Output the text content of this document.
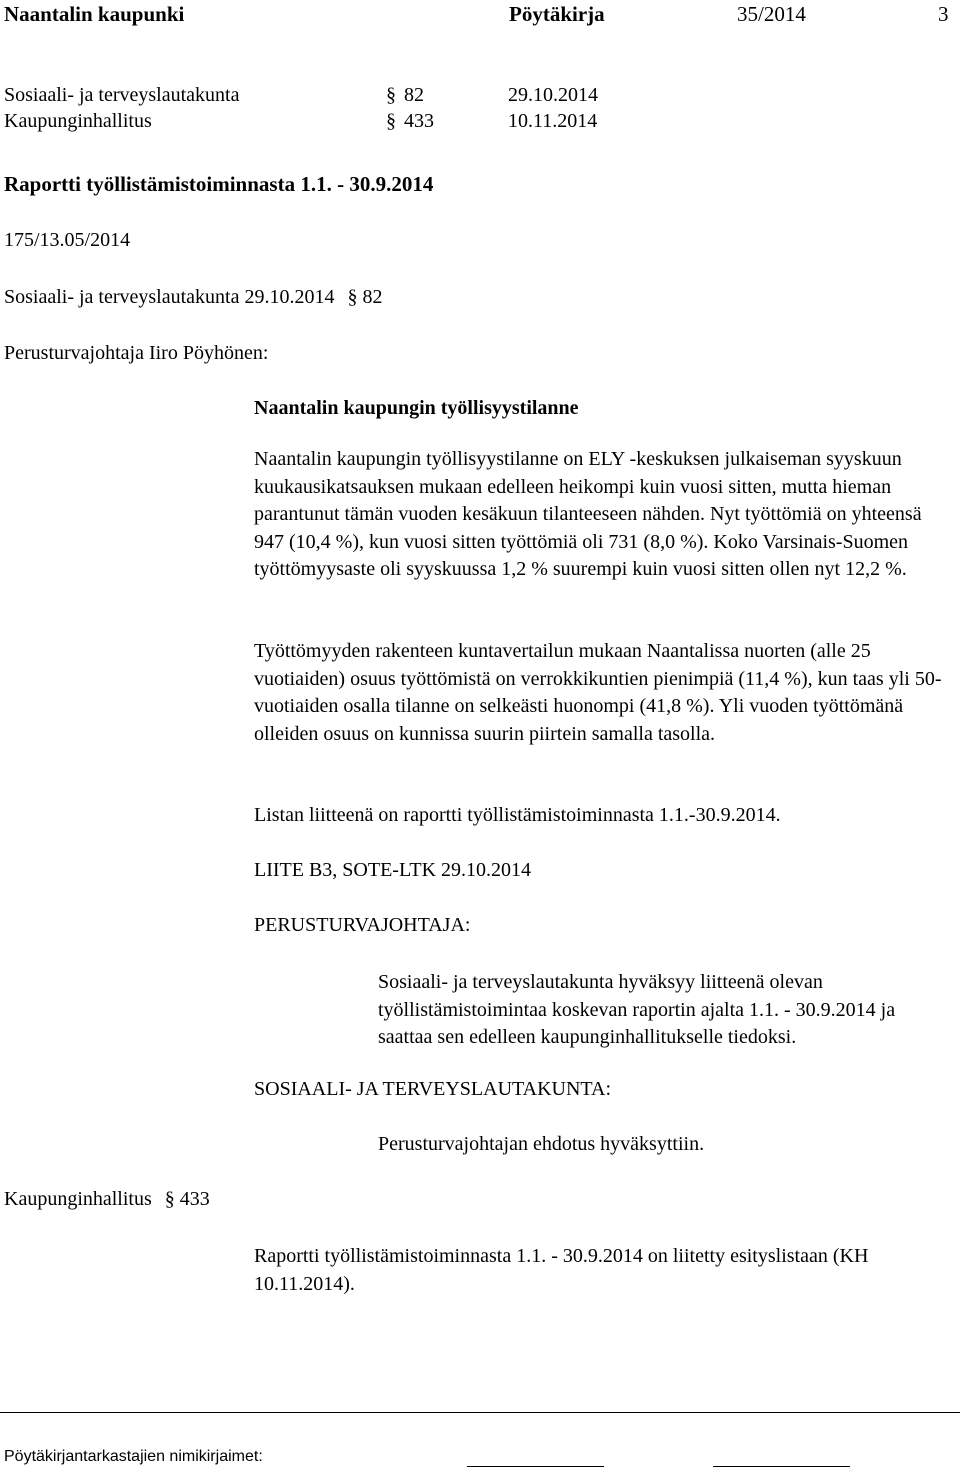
Naantalin kaupunki	Pöytäkirja	35/2014	3
Sosiaali- ja terveyslautakunta	§ 82	29.10.2014
Kaupunginhallitus	§ 433	10.11.2014
Raportti työllistämistoiminnasta 1.1. - 30.9.2014
175/13.05/2014
Sosiaali- ja terveyslautakunta 29.10.2014 § 82
Perusturvajohtaja Iiro Pöyhönen:
Naantalin kaupungin työllisyystilanne
Naantalin kaupungin työllisyystilanne on ELY -keskuksen julkaiseman syyskuun kuukausikatsauksen mukaan edelleen heikompi kuin vuosi sitten, mutta hieman parantunut tämän vuoden kesäkuun tilanteeseen nähden. Nyt työttömiä on yhteensä 947 (10,4 %), kun vuosi sitten työttömiä oli 731 (8,0 %). Koko Varsinais-Suomen työttömyysaste oli syyskuussa 1,2 % suurempi kuin vuosi sitten ollen nyt 12,2 %.
Työttömyyden rakenteen kuntavertailun mukaan Naantalissa nuorten (alle 25 vuotiaiden) osuus työttömistä on verrokkikuntien pienimpiä (11,4 %), kun taas yli 50-vuotiaiden osalla tilanne on selkeästi huonompi (41,8 %). Yli vuoden työttömänä olleiden osuus on kunnissa suurin piirtein samalla tasolla.
Listan liitteenä on raportti työllistämistoiminnasta 1.1.-30.9.2014.
LIITE B3, SOTE-LTK 29.10.2014
PERUSTURVAJOHTAJA:
Sosiaali- ja terveyslautakunta hyväksyy liitteenä olevan työllistämistoimintaa koskevan raportin ajalta 1.1. - 30.9.2014 ja saattaa sen edelleen kaupunginhallitukselle tiedoksi.
SOSIAALI- JA TERVEYSLAUTAKUNTA:
Perusturvajohtajan ehdotus hyväksyttiin.
Kaupunginhallitus § 433
Raportti työllistämistoiminnasta 1.1. - 30.9.2014 on liitetty esityslistaan (KH 10.11.2014).
Pöytäkirjantarkastajien nimikirjaimet:
